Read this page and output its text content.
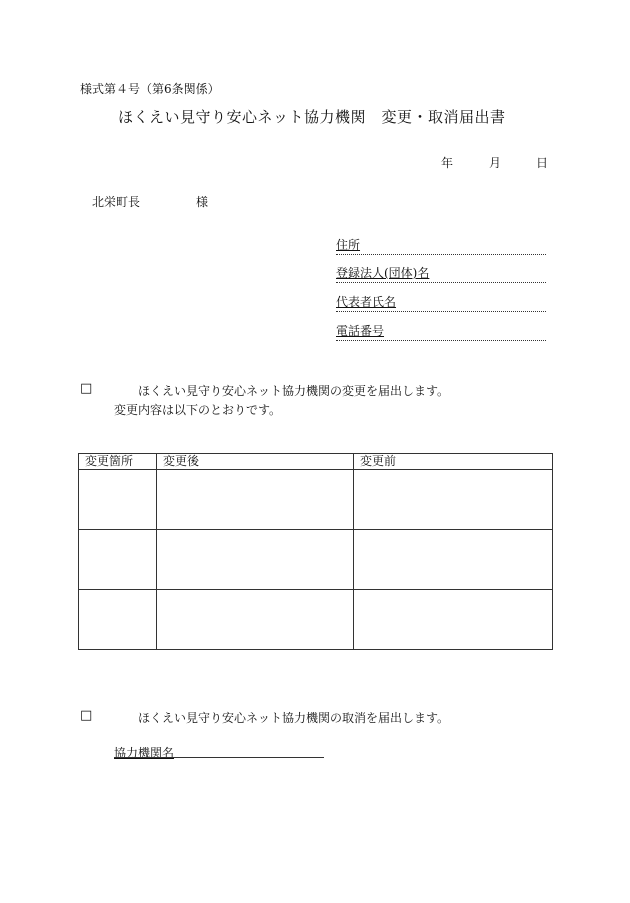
様式第４号（第6条関係）
ほくえい見守り安心ネット協力機関　変更・取消届出書
年	月	日
北栄町長	様
住所
登録法人(団体)名
代表者氏名
電話番号
□	ほくえい見守り安心ネット協力機関の変更を届出します。
変更内容は以下のとおりです。
変更箇所	変更後	変更前

□	ほくえい見守り安心ネット協力機関の取消を届出します。
協力機関名
